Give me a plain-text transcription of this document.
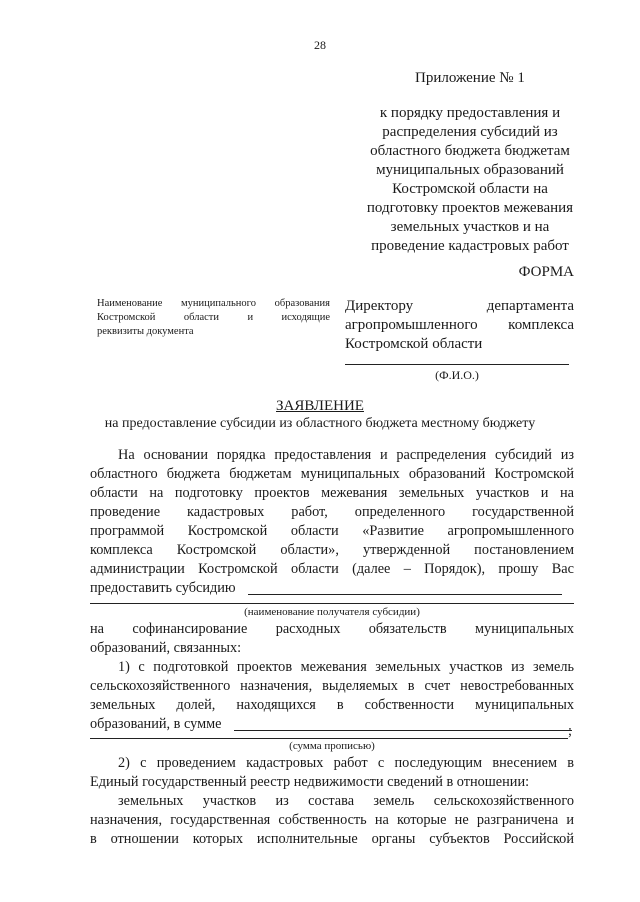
28
Приложение № 1
к порядку предоставления и
распределения субсидий из
областного бюджета бюджетам
муниципальных образований
Костромской области на
подготовку проектов межевания
земельных участков и на
проведение кадастровых работ
ФОРМА
Наименование муниципального образования
Костромской области и исходящие
реквизиты документа
Директору департамента
агропромышленного комплекса
Костромской области
(Ф.И.О.)
ЗАЯВЛЕНИЕ
на предоставление субсидии из областного бюджета местному бюджету
На основании порядка предоставления и распределения субсидий из
областного бюджета бюджетам муниципальных образований Костромской
области на подготовку проектов межевания земельных участков и на
проведение кадастровых работ, определенного государственной
программой Костромской области «Развитие агропромышленного
комплекса Костромской области», утвержденной постановлением
администрации Костромской области (далее – Порядок), прошу Вас
предоставить субсидию
(наименование получателя субсидии)
на софинансирование расходных обязательств муниципальных
образований, связанных:
1) с подготовкой проектов межевания земельных участков из земель
сельскохозяйственного назначения, выделяемых в счет невостребованных
земельных долей, находящихся в собственности муниципальных
образований, в сумме	;
(сумма прописью)
2) с проведением кадастровых работ с последующим внесением в
Единый государственный реестр недвижимости сведений в отношении:
земельных участков из состава земель сельскохозяйственного
назначения, государственная собственность на которые не разграничена и
в отношении которых исполнительные органы субъектов Российской
